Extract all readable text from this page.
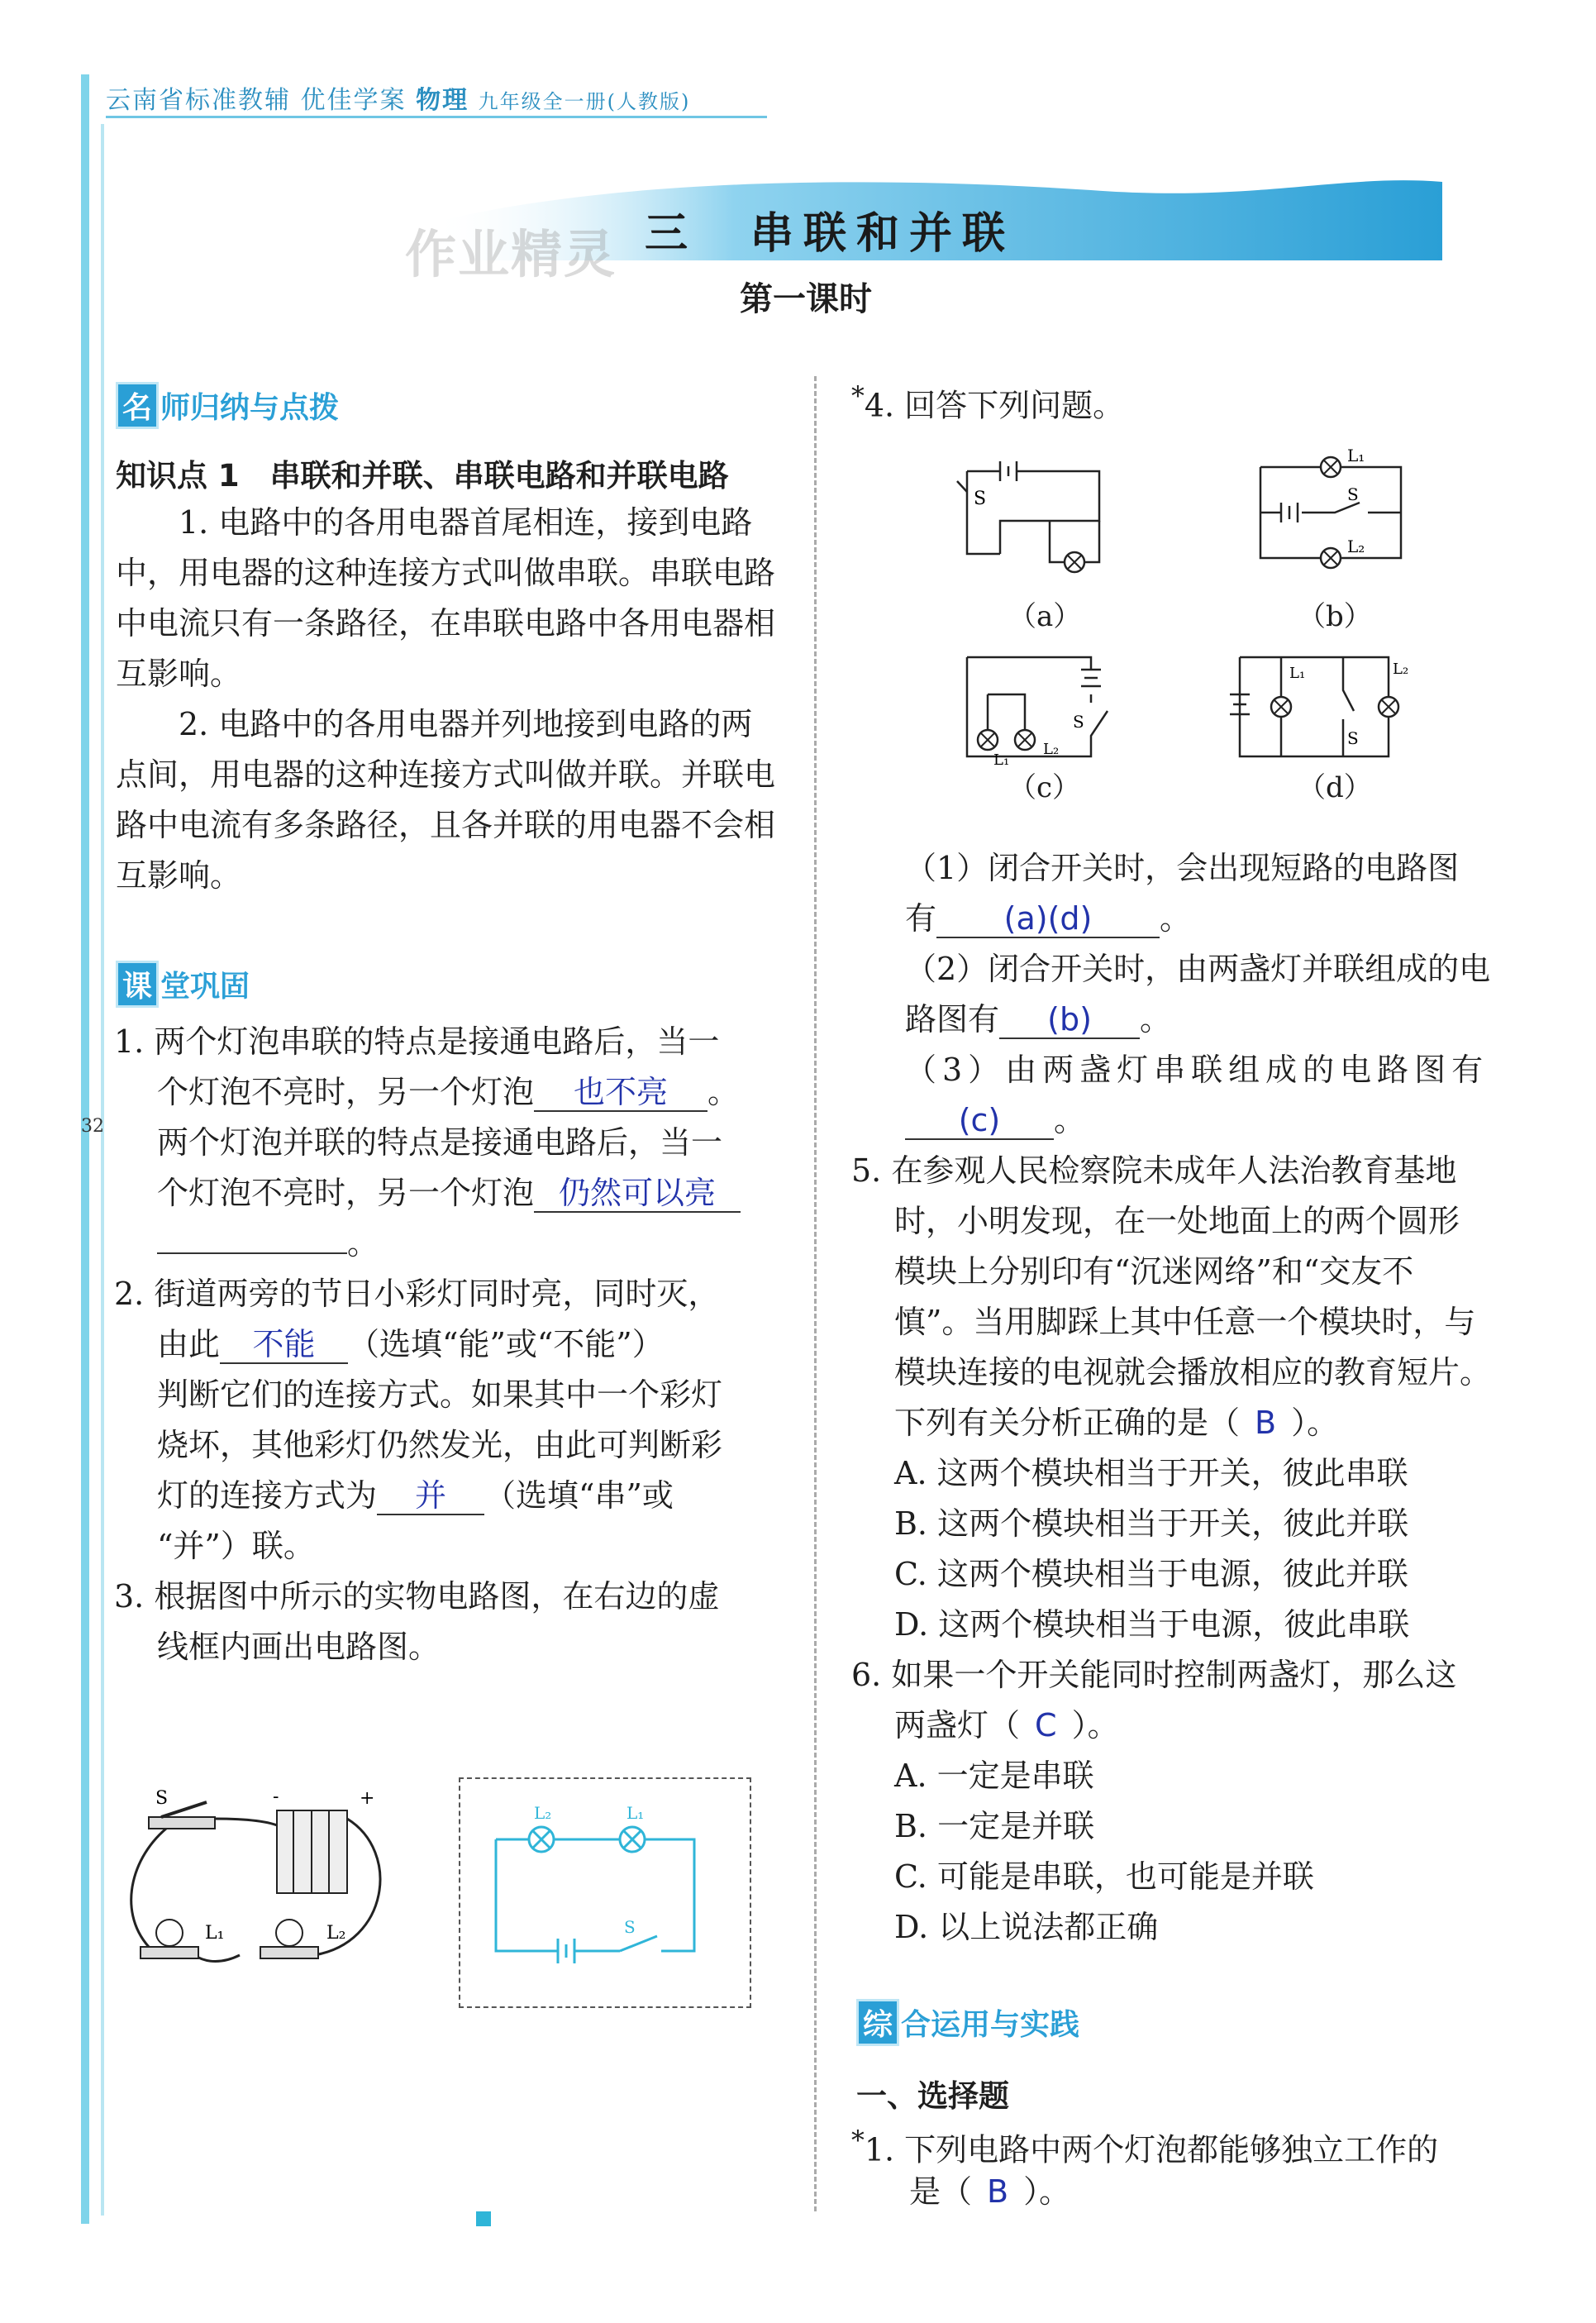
32
云南省标准教辅 优佳学案 物理 九年级全一册(人教版)
作业精灵 三　串联和并联
第一课时
名 师归纳与点拨
知识点 1　串联和并联、串联电路和并联电路
1. 电路中的各用电器首尾相连，接到电路中，用电器的这种连接方式叫做串联。串联电路中电流只有一条路径，在串联电路中各用电器相互影响。
2. 电路中的各用电器并列地接到电路的两点间，用电器的这种连接方式叫做并联。并联电路中电流有多条路径，且各并联的用电器不会相互影响。
课 堂巩固
1. 两个灯泡串联的特点是接通电路后，当一
个灯泡不亮时，另一个灯泡 也不亮 。
两个灯泡并联的特点是接通电路后，当一
个灯泡不亮时，另一个灯泡 仍然可以亮
。
2. 街道两旁的节日小彩灯同时亮，同时灭，
由此 不能 （选填“能”或“不能”）
判断它们的连接方式。如果其中一个彩灯
烧坏，其他彩灯仍然发光，由此可判断彩
灯的连接方式为 并 （选填“串”或
“并”）联。
3. 根据图中所示的实物电路图，在右边的虚
线框内画出电路图。
S	-	+
L₁	L₂
L₂	L₁
S
*4. 回答下列问题。
S
（a）
L₁
S
L₂
（b）
L₁
L₂
S
（c）
L₁	L₂
S
（d）
（1）闭合开关时，会出现短路的电路图
有 (a)(d) 。
（2）闭合开关时，由两盏灯并联组成的电
路图有 (b) 。
（3）由两盏灯串联组成的电路图有
(c) 。
5. 在参观人民检察院未成年人法治教育基地
时，小明发现，在一处地面上的两个圆形
模块上分别印有“沉迷网络”和“交友不
慎”。当用脚踩上其中任意一个模块时，与
模块连接的电视就会播放相应的教育短片。
下列有关分析正确的是（ B ）。
A. 这两个模块相当于开关，彼此串联
B. 这两个模块相当于开关，彼此并联
C. 这两个模块相当于电源，彼此并联
D. 这两个模块相当于电源，彼此串联
6. 如果一个开关能同时控制两盏灯，那么这
两盏灯（ C ）。
A. 一定是串联
B. 一定是并联
C. 可能是串联，也可能是并联
D. 以上说法都正确
综 合运用与实践
一、选择题
*1. 下列电路中两个灯泡都能够独立工作的
是（ B ）。
